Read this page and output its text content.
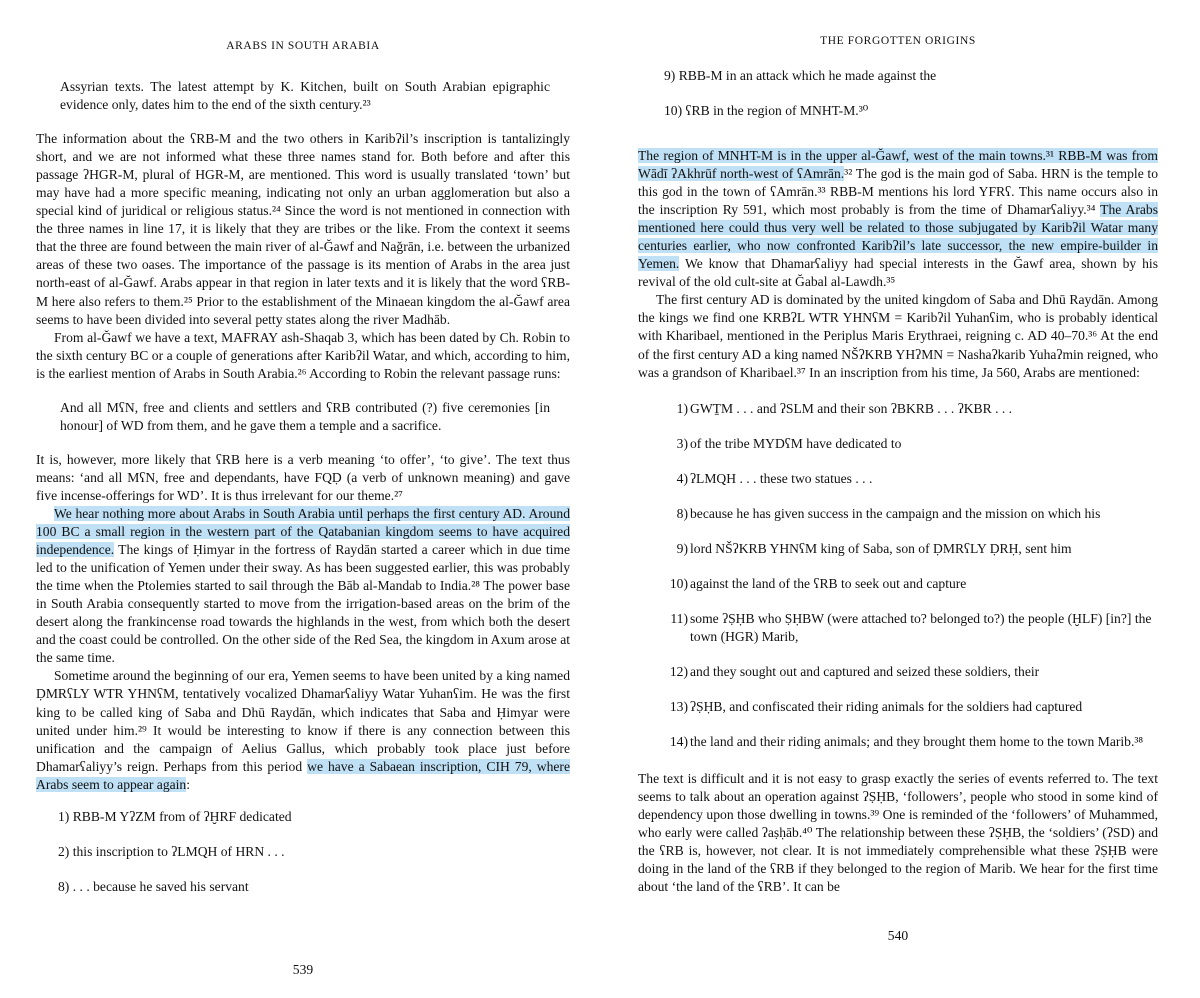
ARABS IN SOUTH ARABIA

Assyrian texts. The latest attempt by K. Kitchen, built on South Arabian epigraphic evidence only, dates him to the end of the sixth century.²³

The information about the ʕRB-M and the two others in Karibʔil’s inscription is tantalizingly short, and we are not informed what these three names stand for. Both before and after this passage ʔHGR-M, plural of HGR-M, are mentioned. This word is usually translated ‘town’ but may have had a more specific meaning, indicating not only an urban agglomeration but also a special kind of juridical or religious status.²⁴ Since the word is not mentioned in connection with the three names in line 17, it is likely that they are tribes or the like. From the context it seems that the three are found between the main river of al-Ğawf and Nağrān, i.e. between the urbanized areas of these two oases. The importance of the passage is its mention of Arabs in the area just north-east of al-Ğawf. Arabs appear in that region in later texts and it is likely that the word ʕRB-M here also refers to them.²⁵ Prior to the establishment of the Minaean kingdom the al-Ğawf area seems to have been divided into several petty states along the river Madhāb.

From al-Ğawf we have a text, MAFRAY ash-Shaqab 3, which has been dated by Ch. Robin to the sixth century BC or a couple of generations after Karibʔil Watar, and which, according to him, is the earliest mention of Arabs in South Arabia.²⁶ According to Robin the relevant passage runs:

And all MʕN, free and clients and settlers and ʕRB contributed (?) five ceremonies [in honour] of WD from them, and he gave them a temple and a sacrifice.

It is, however, more likely that ʕRB here is a verb meaning ‘to offer’, ‘to give’. The text thus means: ‘and all MʕN, free and dependants, have FQḌ (a verb of unknown meaning) and gave five incense-offerings for WD’. It is thus irrelevant for our theme.²⁷

We hear nothing more about Arabs in South Arabia until perhaps the first century AD. Around 100 BC a small region in the western part of the Qatabanian kingdom seems to have acquired independence. The kings of Ḥimyar in the fortress of Raydān started a career which in due time led to the unification of Yemen under their sway. As has been suggested earlier, this was probably the time when the Ptolemies started to sail through the Bāb al-Mandab to India.²⁸ The power base in South Arabia consequently started to move from the irrigation-based areas on the brim of the desert along the frankincense road towards the highlands in the west, from which both the desert and the coast could be controlled. On the other side of the Red Sea, the kingdom in Axum arose at the same time.

Sometime around the beginning of our era, Yemen seems to have been united by a king named ḌMRʕLY WTR YHNʕM, tentatively vocalized Dhamarʕaliyy Watar Yuhanʕim. He was the first king to be called king of Saba and Dhū Raydān, which indicates that Saba and Ḥimyar were united under him.²⁹ It would be interesting to know if there is any connection between this unification and the campaign of Aelius Gallus, which probably took place just before Dhamarʕaliyy’s reign. Perhaps from this period we have a Sabaean inscription, CIH 79, where Arabs seem to appear again:

1) RBB-M YʔZM from of ʔḪRF dedicated

2) this inscription to ʔLMQH of HRN . . .

8) . . . because he saved his servant

539
THE FORGOTTEN ORIGINS

9) RBB-M in an attack which he made against the

10) ʕRB in the region of MNHT-M.³⁰

The region of MNHT-M is in the upper al-Ğawf, west of the main towns.³¹ RBB-M was from Wādī ʔAkhrūf north-west of ʕAmrān.³² The god is the main god of Saba. HRN is the temple to this god in the town of ʕAmrān.³³ RBB-M mentions his lord YFRʕ. This name occurs also in the inscription Ry 591, which most probably is from the time of Dhamarʕaliyy.³⁴ The Arabs mentioned here could thus very well be related to those subjugated by Karibʔil Watar many centuries earlier, who now confronted Karibʔil’s late successor, the new empire-builder in Yemen. We know that Dhamarʕaliyy had special interests in the Ğawf area, shown by his revival of the old cult-site at Ğabal al-Lawdh.³⁵

The first century AD is dominated by the united kingdom of Saba and Dhū Raydān. Among the kings we find one KRBʔL WTR YHNʕM = Karibʔil Yuhanʕim, who is probably identical with Kharibael, mentioned in the Periplus Maris Erythraei, reigning c. AD 40–70.³⁶ At the end of the first century AD a king named NŠʔKRB YHʔMN = Nashaʔkarib Yuhaʔmin reigned, who was a grandson of Kharibael.³⁷ In an inscription from his time, Ja 560, Arabs are mentioned:

1) GWṮM . . . and ʔSLM and their son ʔBKRB . . . ʔKBR . . .
3) of the tribe MYDʕM have dedicated to
4) ʔLMQH . . . these two statues . . .
8) because he has given success in the campaign and the mission on which his
9) lord NŠʔKRB YHNʕM king of Saba, son of ḌMRʕLY ḌRḤ, sent him
10) against the land of the ʕRB to seek out and capture
11) some ʔṢḤB who ṢḤBW (were attached to? belonged to?) the people (ḪLF) [in?] the town (HGR) Marib,
12) and they sought out and captured and seized these soldiers, their
13) ʔṢḤB, and confiscated their riding animals for the soldiers had captured
14) the land and their riding animals; and they brought them home to the town Marib.³⁸

The text is difficult and it is not easy to grasp exactly the series of events referred to. The text seems to talk about an operation against ʔṢḤB, ‘followers’, people who stood in some kind of dependency upon those dwelling in towns.³⁹ One is reminded of the ‘followers’ of Muhammed, who early were called ʔaṣḥāb.⁴⁰ The relationship between these ʔṢḤB, the ‘soldiers’ (ʔSD) and the ʕRB is, however, not clear. It is not immediately comprehensible what these ʔṢḤB were doing in the land of the ʕRB if they belonged to the region of Marib. We hear for the first time about ‘the land of the ʕRB’. It can be

540
